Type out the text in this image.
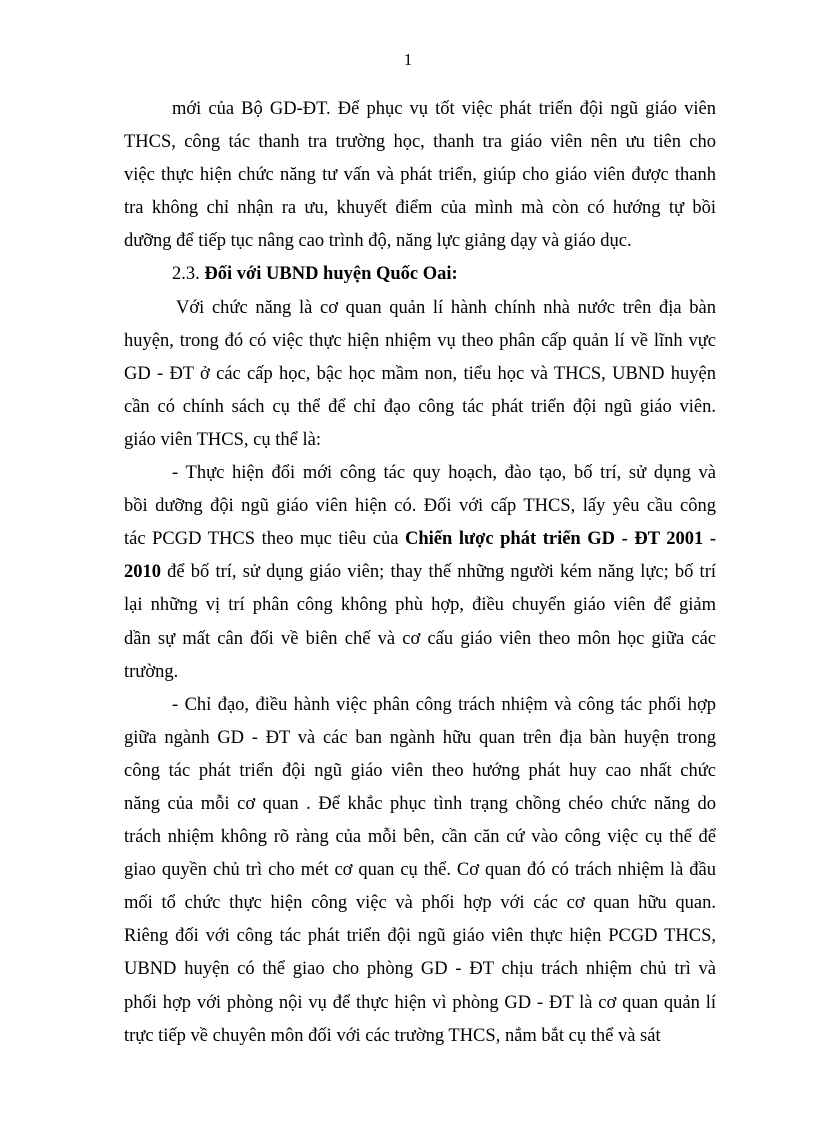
1
mới của Bộ GD-ĐT. Để phục vụ tốt việc phát triển đội ngũ giáo viên
THCS, công tác thanh tra trường học, thanh tra giáo viên nên ưu tiên cho
việc thực hiện chức năng tư vấn và phát triển, giúp cho giáo viên được thanh
tra không chỉ nhận ra ưu, khuyết điểm của mình mà còn có hướng tự bồi
dưỡng để tiếp tục nâng cao trình độ, năng lực giảng dạy và giáo dục.
2.3. Đối với UBND huyện Quốc Oai:
Với chức năng là cơ quan quản lí hành chính nhà nước trên địa bàn
huyện, trong đó có việc thực hiện nhiệm vụ theo phân cấp quản lí về lĩnh vực
GD - ĐT ở các cấp học, bậc học mầm non, tiểu học và THCS, UBND huyện
cần có chính sách cụ thể để chỉ đạo công tác phát triển đội ngũ giáo viên.
giáo viên THCS, cụ thể là:
- Thực hiện đổi mới công tác quy hoạch, đào tạo, bố trí, sử dụng và
bồi dưỡng đội ngũ giáo viên hiện có. Đối với cấp THCS, lấy yêu cầu công
tác PCGD THCS theo mục tiêu của Chiến lược phát triển GD - ĐT 2001 -
2010 để bố trí, sử dụng giáo viên; thay thế những người kém năng lực; bố trí
lại những vị trí phân công không phù hợp, điều chuyển giáo viên để giảm
dần sự mất cân đối về biên chế và cơ cấu giáo viên theo môn học giữa các
trường.
- Chỉ đạo, điều hành việc phân công trách nhiệm và công tác phối hợp
giữa ngành GD - ĐT và các ban ngành hữu quan trên địa bàn huyện trong
công tác phát triển đội ngũ giáo viên theo hướng phát huy cao nhất chức
năng của mỗi cơ quan . Để khắc phục tình trạng chồng chéo chức năng do
trách nhiệm không rõ ràng của mỗi bên, cần căn cứ vào công việc cụ thể để
giao quyền chủ trì cho mét cơ quan cụ thể. Cơ quan đó có trách nhiệm là đầu
mối tổ chức thực hiện công việc và phối hợp với các cơ quan hữu quan.
Riêng đối với công tác phát triển đội ngũ giáo viên thực hiện PCGD THCS,
UBND huyện có thể giao cho phòng GD - ĐT chịu trách nhiệm chủ trì và
phối hợp với phòng nội vụ để thực hiện vì phòng GD - ĐT là cơ quan quản lí
trực tiếp về chuyên môn đối với các trường THCS, nắm bắt cụ thể và sát
